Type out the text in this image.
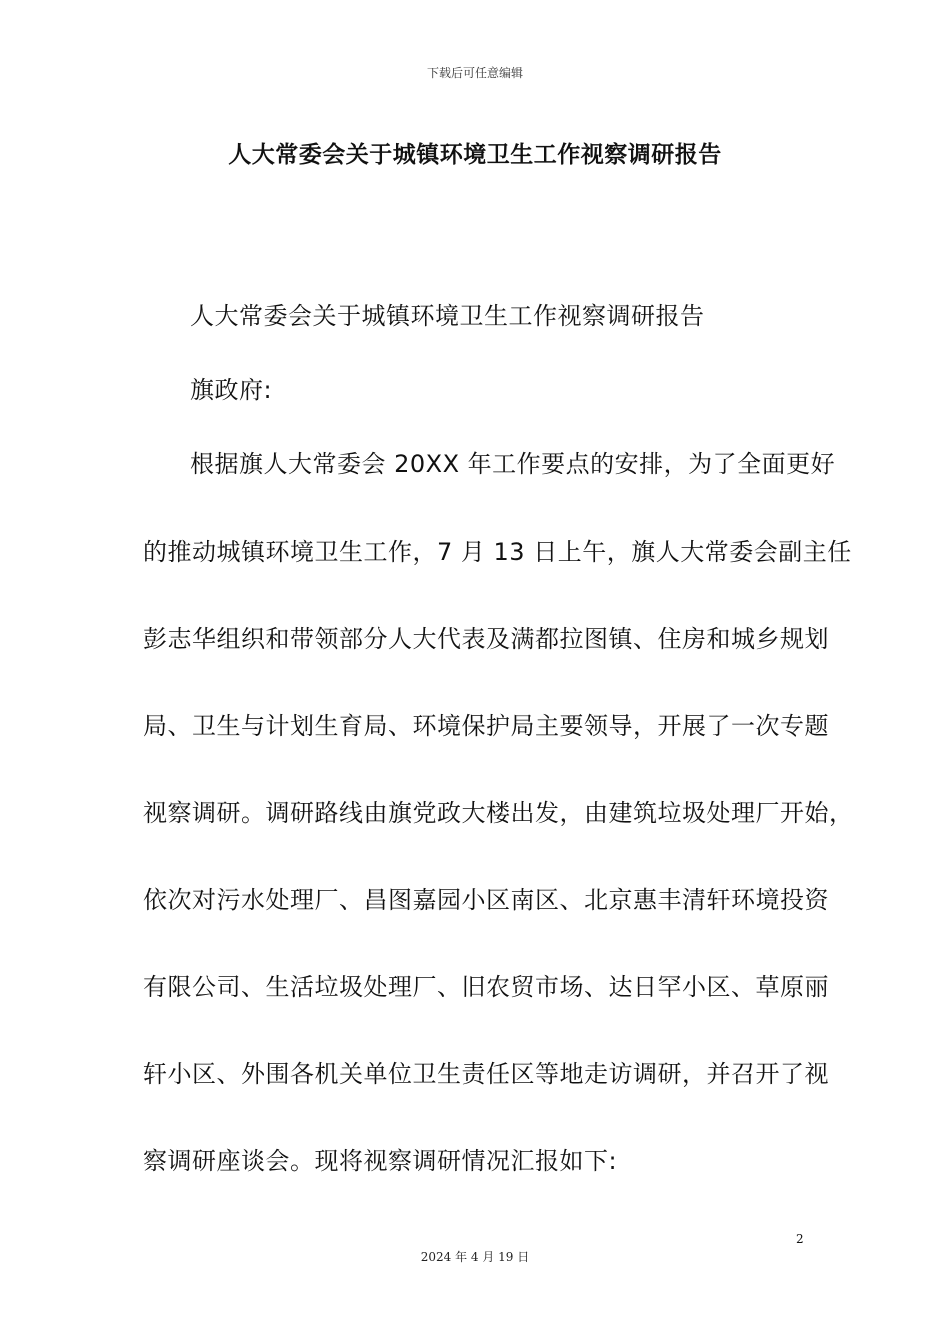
下载后可任意编辑
人大常委会关于城镇环境卫生工作视察调研报告
人大常委会关于城镇环境卫生工作视察调研报告
旗政府:
根据旗人大常委会 20XX 年工作要点的安排，为了全面更好
的推动城镇环境卫生工作，7 月 13 日上午，旗人大常委会副主任
彭志华组织和带领部分人大代表及满都拉图镇、住房和城乡规划
局、卫生与计划生育局、环境保护局主要领导，开展了一次专题
视察调研。调研路线由旗党政大楼出发，由建筑垃圾处理厂开始，
依次对污水处理厂、昌图嘉园小区南区、北京惠丰清轩环境投资
有限公司、生活垃圾处理厂、旧农贸市场、达日罕小区、草原丽
轩小区、外围各机关单位卫生责任区等地走访调研，并召开了视
察调研座谈会。现将视察调研情况汇报如下:
2
2024 年 4 月 19 日
